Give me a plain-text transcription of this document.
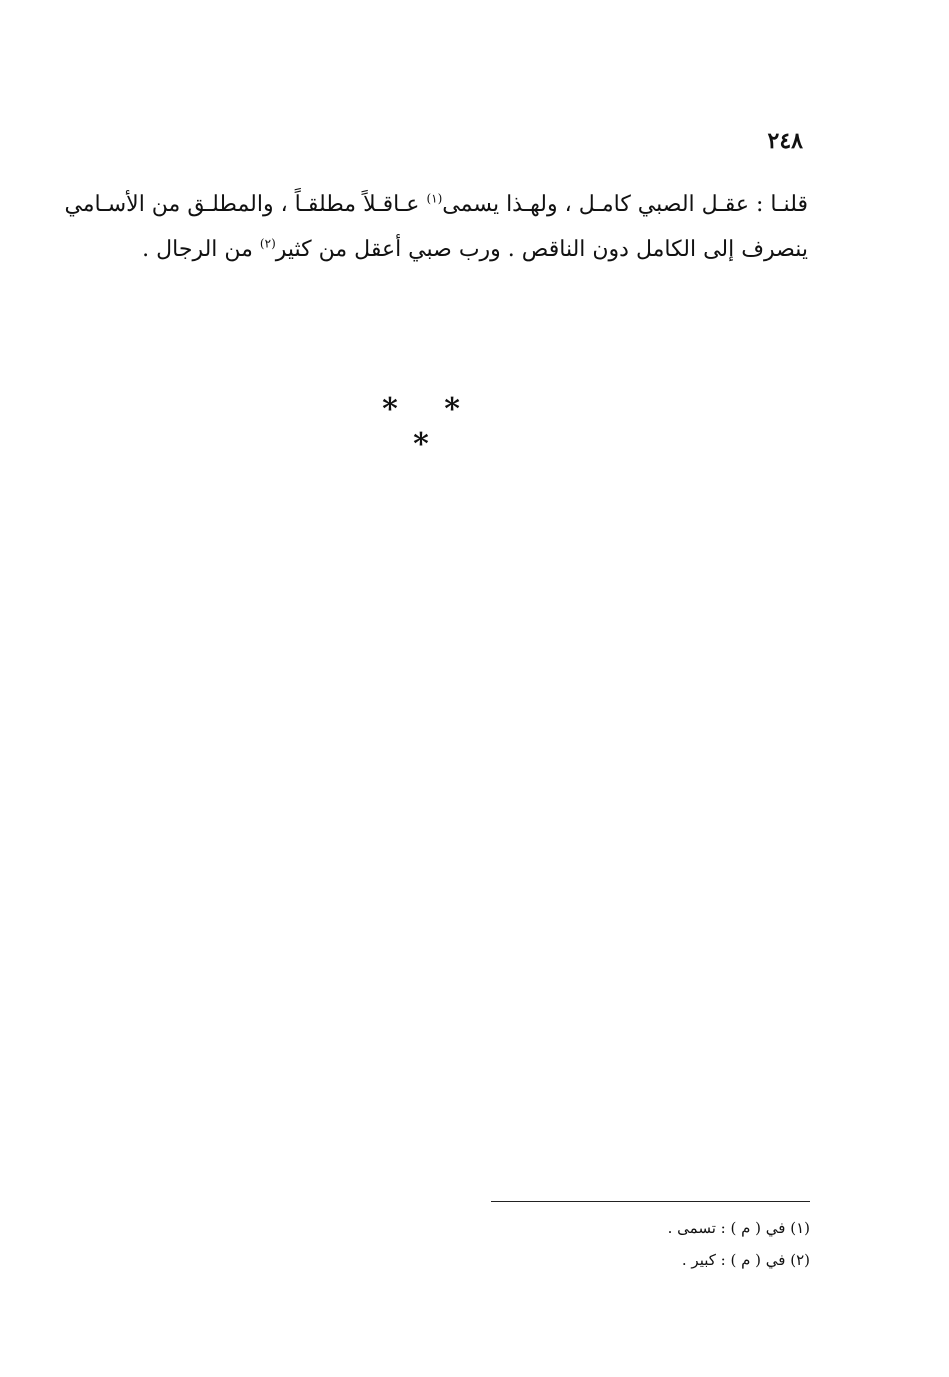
٢٤٨
قلنـا : عقـل الصبي كامـل ، ولهـذا يسمى$^{(١)}$ عـاقـلاً مطلقـاً ، والمطلـق من الأسـامي
ينصرف إلى الكامل دون الناقص . ورب صبي أعقل من كثير$^{(٢)}$ من الرجال .
* * *
(١) في ( م ) : تسمى .
(٢) في ( م ) : كبير .
